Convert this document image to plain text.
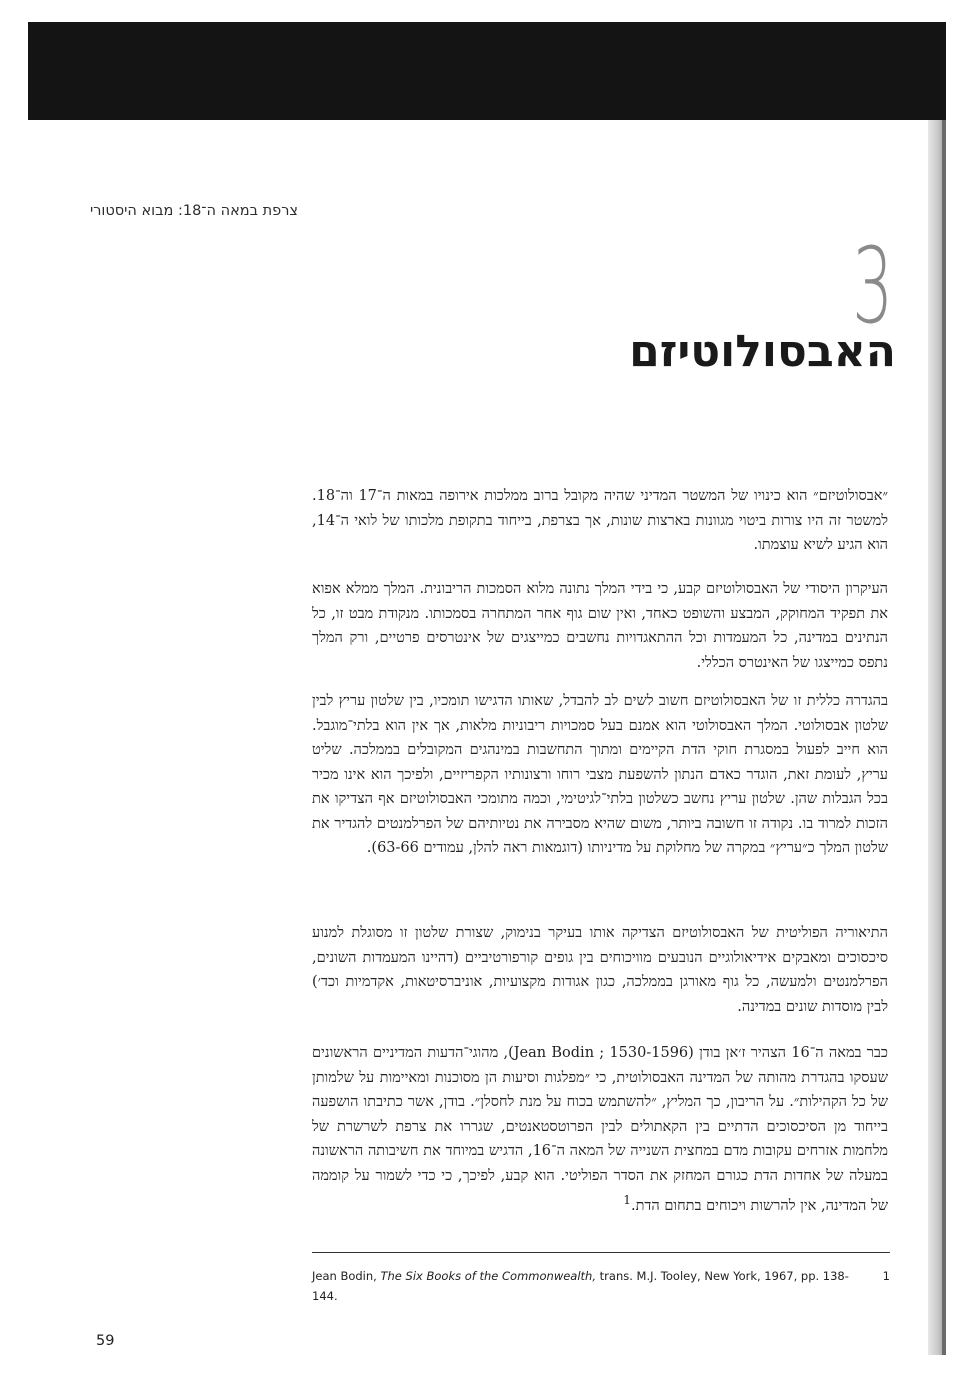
צרפת במאה ה־18: מבוא היסטורי
3
האבסולוטיזם

״אבסולוטיזם״ הוא כינויו של המשטר המדיני שהיה מקובל ברוב ממלכות אירופה במאות ה־17 וה־18. למשטר זה היו צורות ביטוי מגוונות בארצות שונות, אך בצרפת, בייחוד בתקופת מלכותו של לואי ה־14, הוא הגיע לשיא עוצמתו.

העיקרון היסודי של האבסולוטיזם קבע, כי בידי המלך נתונה מלוא הסמכות הריבונית. המלך ממלא אפוא את תפקיד המחוקק, המבצע והשופט כאחד, ואין שום גוף אחר המתחרה בסמכותו. מנקודת מבט זו, כל הנתינים במדינה, כל המעמדות וכל ההתאגדויות נחשבים כמייצגים של אינטרסים פרטיים, ורק המלך נתפס כמייצגו של האינטרס הכללי.

בהגדרה כללית זו של האבסולוטיזם חשוב לשים לב להבדל, שאותו הדגישו תומכיו, בין שלטון עריץ לבין שלטון אבסולוטי. המלך האבסולוטי הוא אמנם בעל סמכויות ריבוניות מלאות, אך אין הוא בלתי־מוגבל. הוא חייב לפעול במסגרת חוקי הדת הקיימים ומתוך התחשבות במינהגים המקובלים בממלכה. שליט עריץ, לעומת זאת, הוגדר כאדם הנתון להשפעת מצבי רוחו ורצונותיו הקפריזיים, ולפיכך הוא אינו מכיר בכל הגבלות שהן. שלטון עריץ נחשב כשלטון בלתי־לגיטימי, וכמה מתומכי האבסולוטיזם אף הצדיקו את הזכות למרוד בו. נקודה זו חשובה ביותר, משום שהיא מסבירה את נטיותיהם של הפרלמנטים להגדיר את שלטון המלך כ״עריץ״ במקרה של מחלוקת על מדיניותו (דוגמאות ראה להלן, עמודים 63-66).

התיאוריה הפוליטית של האבסולוטיזם הצדיקה אותו בעיקר בנימוק, שצורת שלטון זו מסוגלת למנוע סיכסוכים ומאבקים אידיאולוגיים הנובעים מוויכוחים בין גופים קורפורטיביים (דהיינו המעמדות השונים, הפרלמנטים ולמעשה, כל גוף מאורגן בממלכה, כגון אגודות מקצועיות, אוניברסיטאות, אקדמיות וכד׳) לבין מוסדות שונים במדינה.

כבר במאה ה־16 הצהיר ז׳אן בודן (Jean Bodin ; 1530-1596), מהוגי־הדעות המדיניים הראשונים שעסקו בהגדרת מהותה של המדינה האבסולוטית, כי ״מפלגות וסיעות הן מסוכנות ומאיימות על שלמותן של כל הקהילות״. על הריבון, כך המליץ, ״להשתמש בכוח על מנת לחסלן״. בודן, אשר כתיבתו הושפעה בייחוד מן הסיכסוכים הדתיים בין הקאתולים לבין הפרוטסטאנטים, שגררו את צרפת לשרשרת של מלחמות אזרחים עקובות מדם במחצית השנייה של המאה ה־16, הדגיש במיוחד את חשיבותה הראשונה במעלה של אחדות הדת כגורם המחזק את הסדר הפוליטי. הוא קבע, לפיכך, כי כדי לשמור על קוממה של המדינה, אין להרשות ויכוחים בתחום הדת.$^1$

1
Jean Bodin, The Six Books of the Commonwealth, trans. M.J. Tooley, New York, 1967, pp. 138-144.
59
